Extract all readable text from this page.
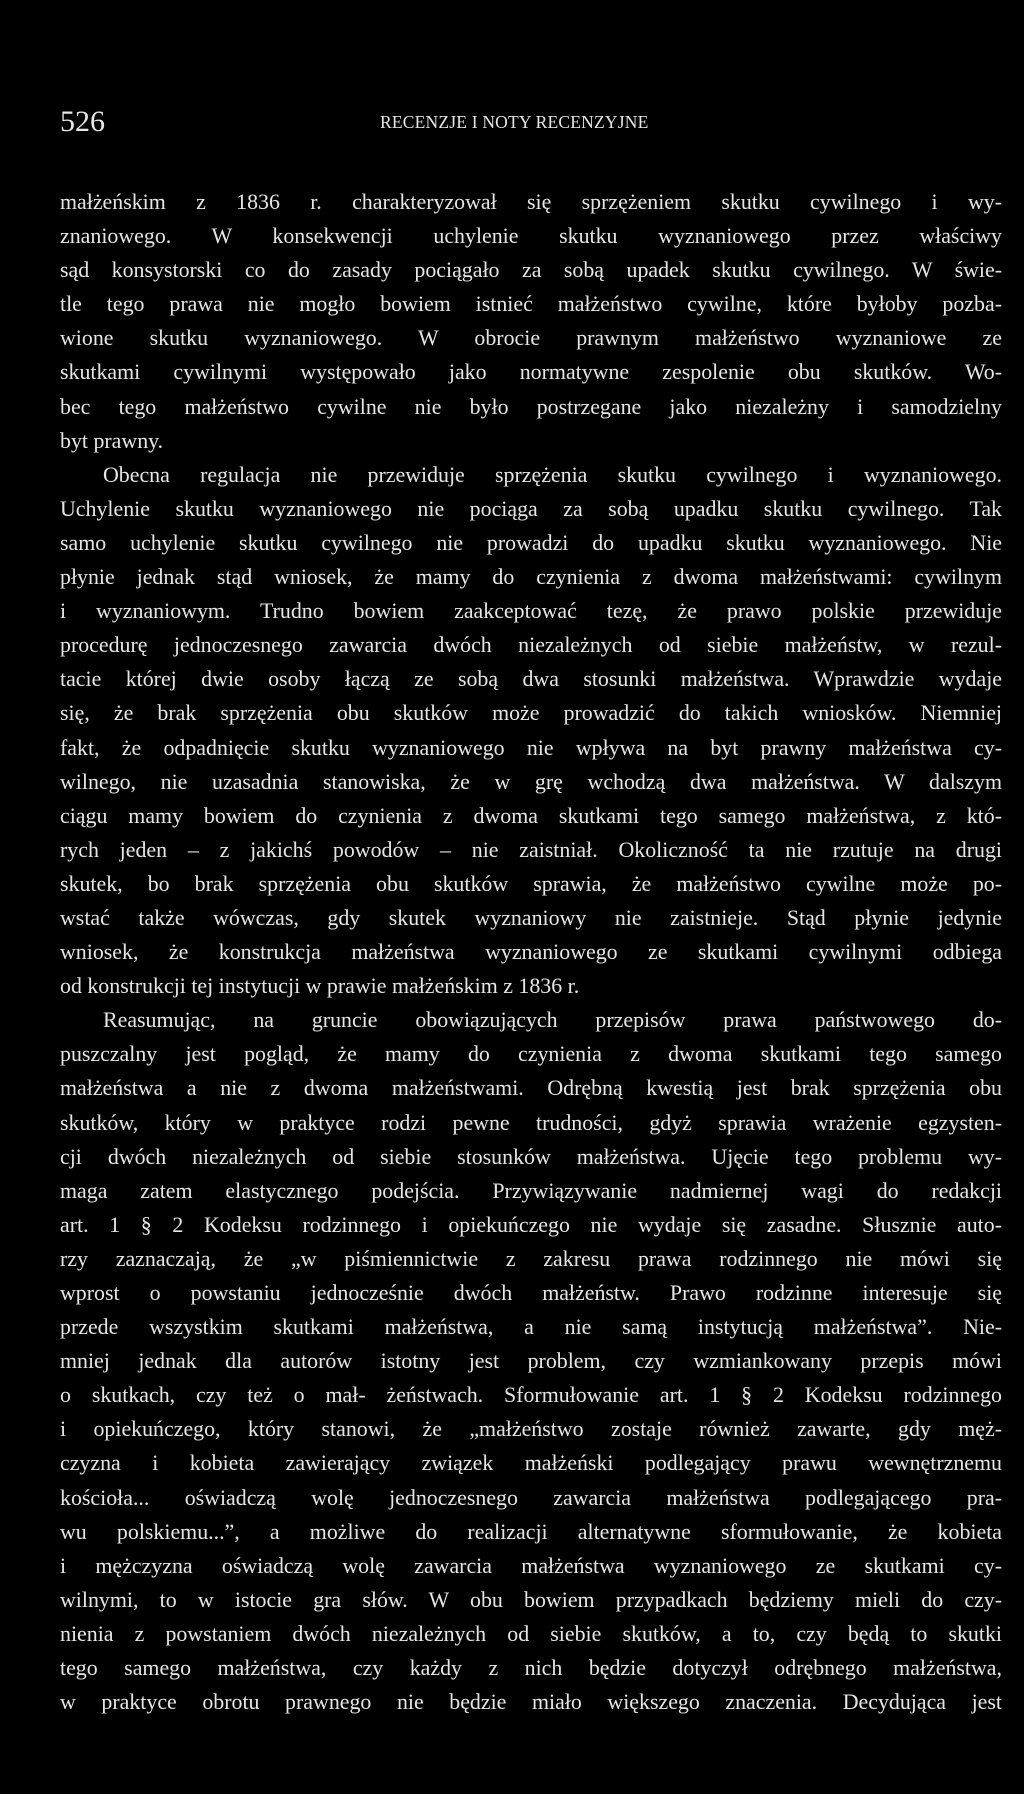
526	RECENZJE I NOTY RECENZYJNE

małżeńskim z 1836 r. charakteryzował się sprzężeniem skutku cywilnego i wy-
znaniowego. W konsekwencji uchylenie skutku wyznaniowego przez właściwy
sąd konsystorski co do zasady pociągało za sobą upadek skutku cywilnego. W świe-
tle tego prawa nie mogło bowiem istnieć małżeństwo cywilne, które byłoby pozba-
wione skutku wyznaniowego. W obrocie prawnym małżeństwo wyznaniowe ze
skutkami cywilnymi występowało jako normatywne zespolenie obu skutków. Wo-
bec tego małżeństwo cywilne nie było postrzegane jako niezależny i samodzielny
byt prawny.

Obecna regulacja nie przewiduje sprzężenia skutku cywilnego i wyznaniowego.
Uchylenie skutku wyznaniowego nie pociąga za sobą upadku skutku cywilnego. Tak
samo uchylenie skutku cywilnego nie prowadzi do upadku skutku wyznaniowego. Nie
płynie jednak stąd wniosek, że mamy do czynienia z dwoma małżeństwami: cywilnym
i wyznaniowym. Trudno bowiem zaakceptować tezę, że prawo polskie przewiduje
procedurę jednoczesnego zawarcia dwóch niezależnych od siebie małżeństw, w rezul-
tacie której dwie osoby łączą ze sobą dwa stosunki małżeństwa. Wprawdzie wydaje
się, że brak sprzężenia obu skutków może prowadzić do takich wniosków. Niemniej
fakt, że odpadnięcie skutku wyznaniowego nie wpływa na byt prawny małżeństwa cy-
wilnego, nie uzasadnia stanowiska, że w grę wchodzą dwa małżeństwa. W dalszym
ciągu mamy bowiem do czynienia z dwoma skutkami tego samego małżeństwa, z któ-
rych jeden – z jakichś powodów – nie zaistniał. Okoliczność ta nie rzutuje na drugi
skutek, bo brak sprzężenia obu skutków sprawia, że małżeństwo cywilne może po-
wstać także wówczas, gdy skutek wyznaniowy nie zaistnieje. Stąd płynie jedynie
wniosek, że konstrukcja małżeństwa wyznaniowego ze skutkami cywilnymi odbiega
od konstrukcji tej instytucji w prawie małżeńskim z 1836 r.

Reasumując, na gruncie obowiązujących przepisów prawa państwowego do-
puszczalny jest pogląd, że mamy do czynienia z dwoma skutkami tego samego
małżeństwa a nie z dwoma małżeństwami. Odrębną kwestią jest brak sprzężenia obu
skutków, który w praktyce rodzi pewne trudności, gdyż sprawia wrażenie egzysten-
cji dwóch niezależnych od siebie stosunków małżeństwa. Ujęcie tego problemu wy-
maga zatem elastycznego podejścia. Przywiązywanie nadmiernej wagi do redakcji
art. 1 § 2 Kodeksu rodzinnego i opiekuńczego nie wydaje się zasadne. Słusznie auto-
rzy zaznaczają, że „w piśmiennictwie z zakresu prawa rodzinnego nie mówi się
wprost o powstaniu jednocześnie dwóch małżeństw. Prawo rodzinne interesuje się
przede wszystkim skutkami małżeństwa, a nie samą instytucją małżeństwa”. Nie-
mniej jednak dla autorów istotny jest problem, czy wzmiankowany przepis mówi
o skutkach, czy też o mał- żeństwach. Sformułowanie art. 1 § 2 Kodeksu rodzinnego
i opiekuńczego, który stanowi, że „małżeństwo zostaje również zawarte, gdy męż-
czyzna i kobieta zawierający związek małżeński podlegający prawu wewnętrznemu
kościoła... oświadczą wolę jednoczesnego zawarcia małżeństwa podlegającego pra-
wu polskiemu...”, a możliwe do realizacji alternatywne sformułowanie, że kobieta
i mężczyzna oświadczą wolę zawarcia małżeństwa wyznaniowego ze skutkami cy-
wilnymi, to w istocie gra słów. W obu bowiem przypadkach będziemy mieli do czy-
nienia z powstaniem dwóch niezależnych od siebie skutków, a to, czy będą to skutki
tego samego małżeństwa, czy każdy z nich będzie dotyczył odrębnego małżeństwa,
w praktyce obrotu prawnego nie będzie miało większego znaczenia. Decydująca jest
